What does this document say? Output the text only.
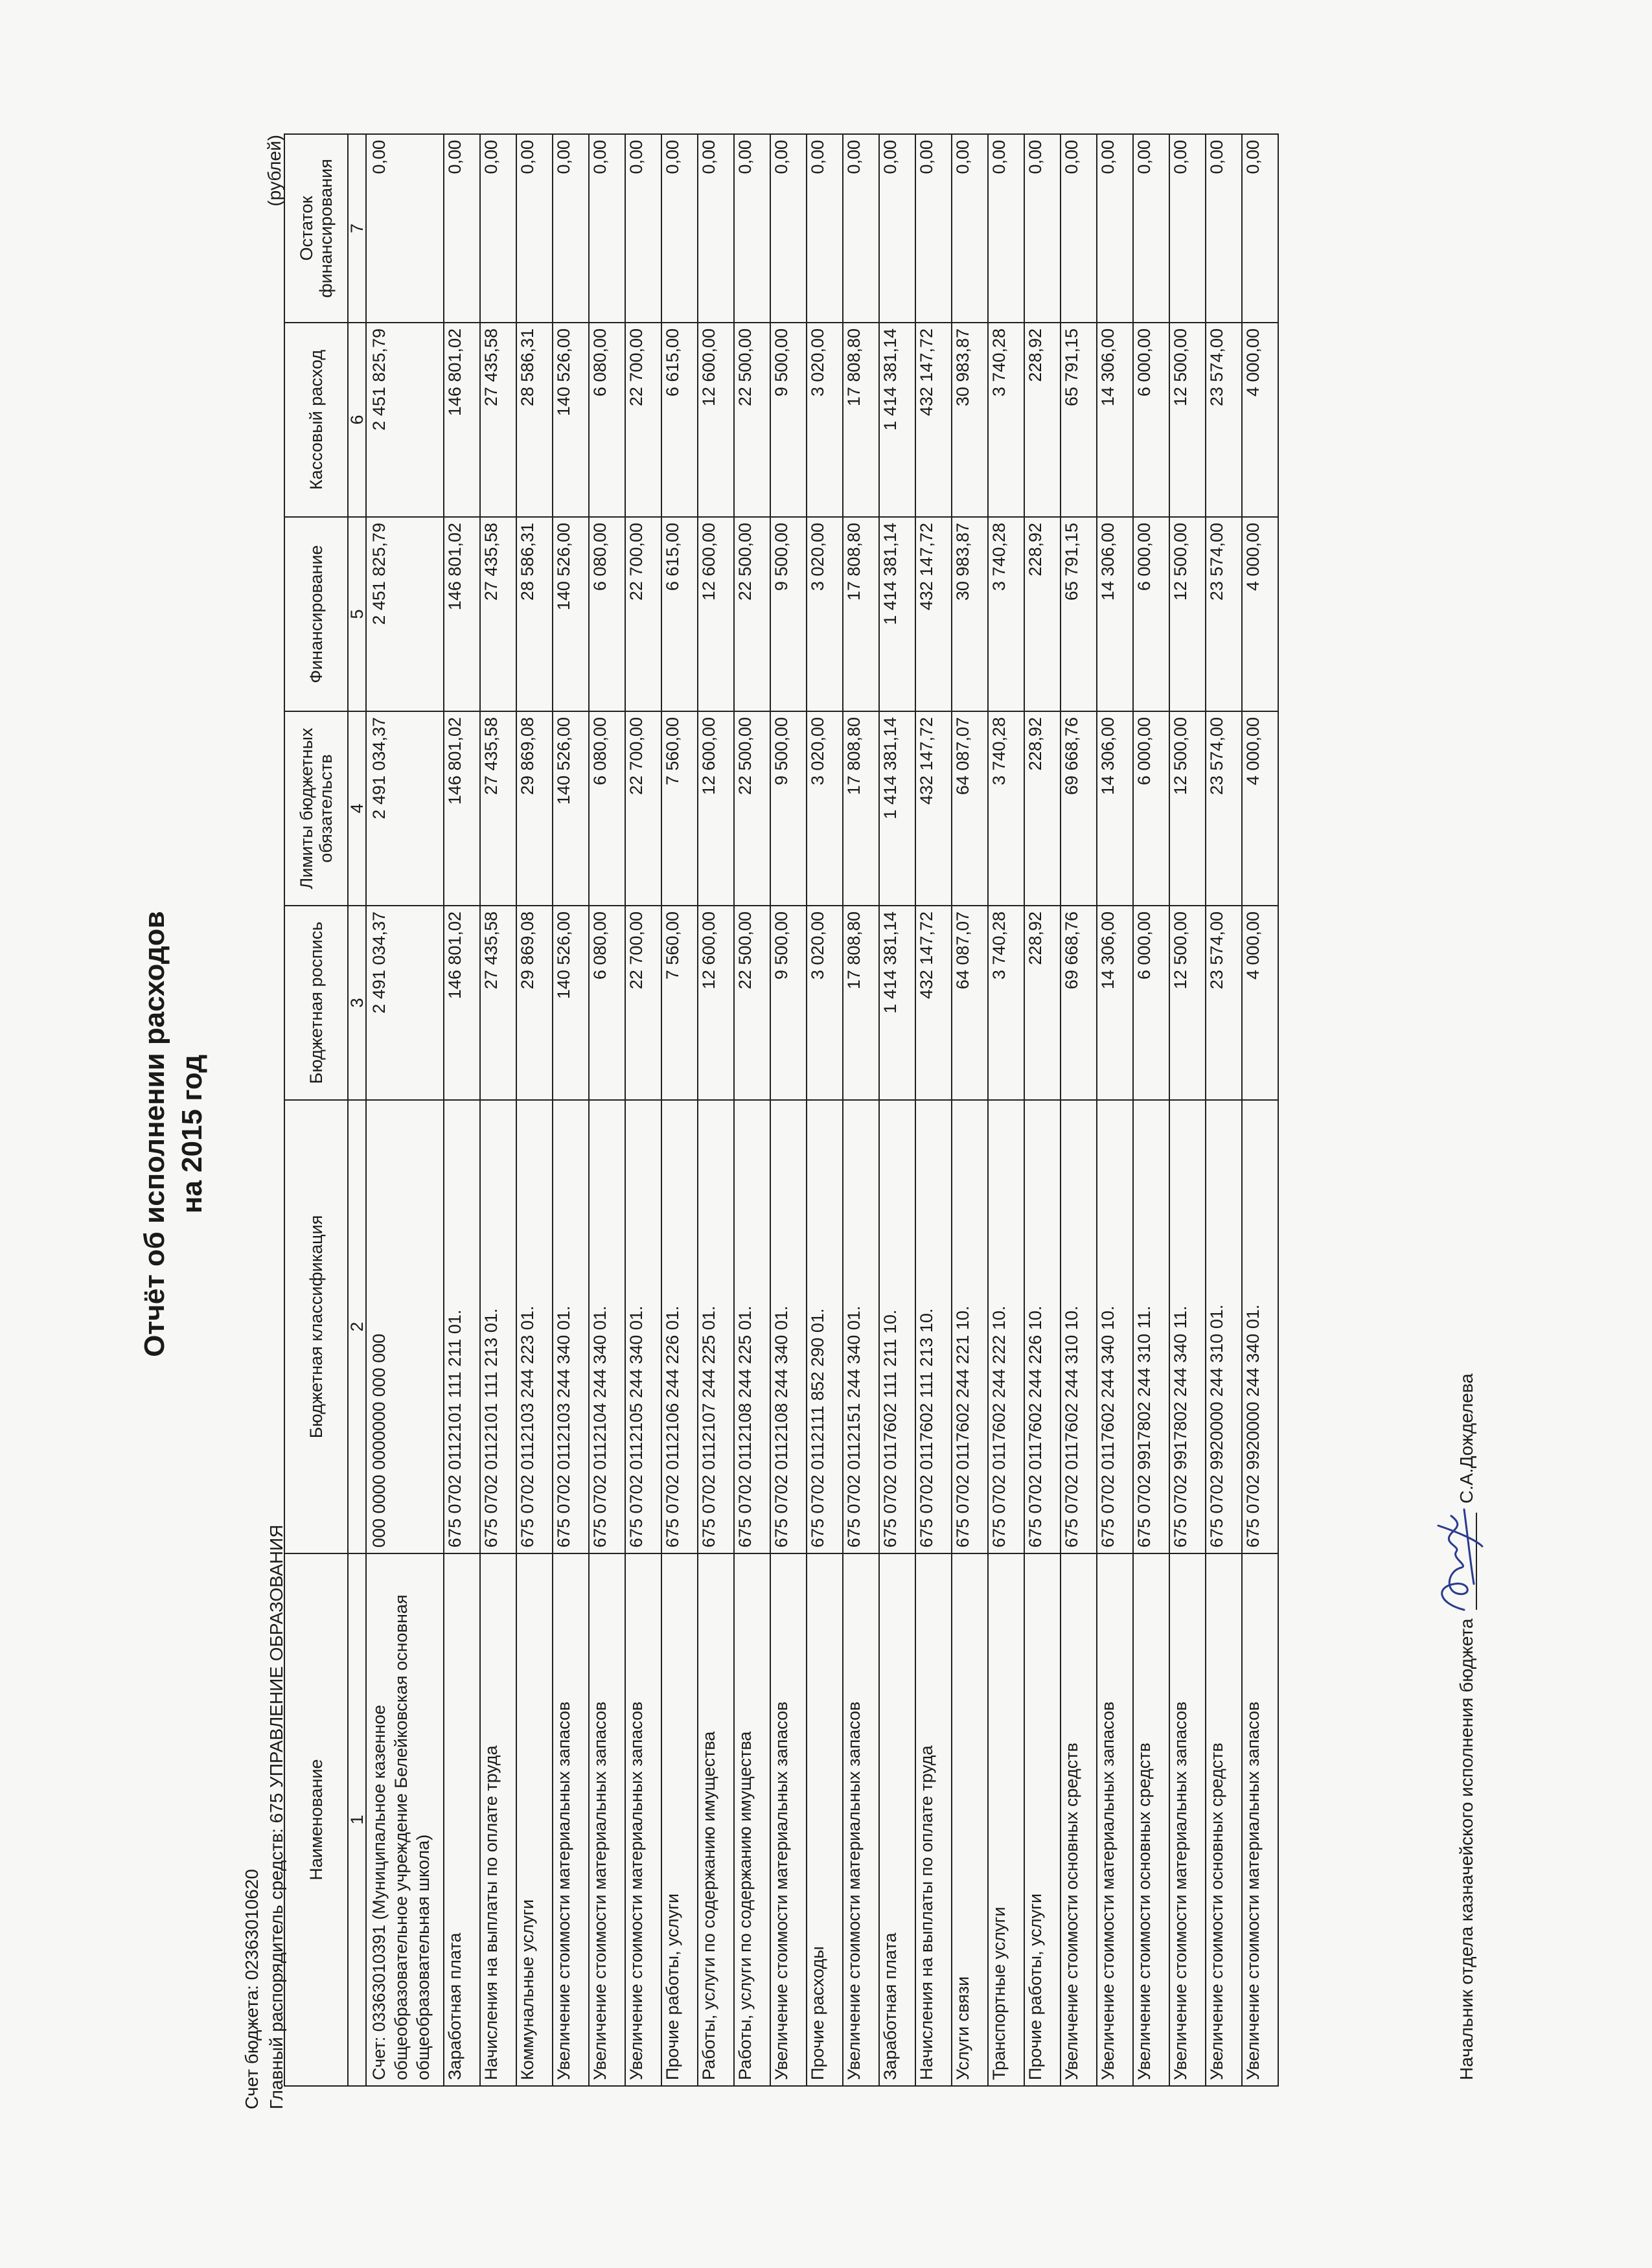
Отчёт об исполнении расходов на 2015 год
Счет бюджета: 02363010620 Главный распорядитель средств: 675 УПРАВЛЕНИЕ ОБРАЗОВАНИЯ
(рублей)
Наименование	Бюджетная классификация	Бюджетная роспись	Лимиты бюджетных обязательств	Финансирование	Кассовый расход	Остаток финансирования
1	2	3	4	5	6	7
Счет: 03363010391 (Муниципальное казенное общеобразовательное учреждение Белейковская основная общеобразовательная школа)	000 0000 0000000 000 000	2 491 034,37	2 491 034,37	2 451 825,79	2 451 825,79	0,00
Заработная плата	675 0702 0112101 111 211 01.	146 801,02	146 801,02	146 801,02	146 801,02	0,00
Начисления на выплаты по оплате труда	675 0702 0112101 111 213 01.	27 435,58	27 435,58	27 435,58	27 435,58	0,00
Коммунальные услуги	675 0702 0112103 244 223 01.	29 869,08	29 869,08	28 586,31	28 586,31	0,00
Увеличение стоимости материальных запасов	675 0702 0112103 244 340 01.	140 526,00	140 526,00	140 526,00	140 526,00	0,00
Увеличение стоимости материальных запасов	675 0702 0112104 244 340 01.	6 080,00	6 080,00	6 080,00	6 080,00	0,00
Увеличение стоимости материальных запасов	675 0702 0112105 244 340 01.	22 700,00	22 700,00	22 700,00	22 700,00	0,00
Прочие работы, услуги	675 0702 0112106 244 226 01.	7 560,00	7 560,00	6 615,00	6 615,00	0,00
Работы, услуги по содержанию имущества	675 0702 0112107 244 225 01.	12 600,00	12 600,00	12 600,00	12 600,00	0,00
Работы, услуги по содержанию имущества	675 0702 0112108 244 225 01.	22 500,00	22 500,00	22 500,00	22 500,00	0,00
Увеличение стоимости материальных запасов	675 0702 0112108 244 340 01.	9 500,00	9 500,00	9 500,00	9 500,00	0,00
Прочие расходы	675 0702 0112111 852 290 01.	3 020,00	3 020,00	3 020,00	3 020,00	0,00
Увеличение стоимости материальных запасов	675 0702 0112151 244 340 01.	17 808,80	17 808,80	17 808,80	17 808,80	0,00
Заработная плата	675 0702 0117602 111 211 10.	1 414 381,14	1 414 381,14	1 414 381,14	1 414 381,14	0,00
Начисления на выплаты по оплате труда	675 0702 0117602 111 213 10.	432 147,72	432 147,72	432 147,72	432 147,72	0,00
Услуги связи	675 0702 0117602 244 221 10.	64 087,07	64 087,07	30 983,87	30 983,87	0,00
Транспортные услуги	675 0702 0117602 244 222 10.	3 740,28	3 740,28	3 740,28	3 740,28	0,00
Прочие работы, услуги	675 0702 0117602 244 226 10.	228,92	228,92	228,92	228,92	0,00
Увеличение стоимости основных средств	675 0702 0117602 244 310 10.	69 668,76	69 668,76	65 791,15	65 791,15	0,00
Увеличение стоимости материальных запасов	675 0702 0117602 244 340 10.	14 306,00	14 306,00	14 306,00	14 306,00	0,00
Увеличение стоимости основных средств	675 0702 9917802 244 310 11.	6 000,00	6 000,00	6 000,00	6 000,00	0,00
Увеличение стоимости материальных запасов	675 0702 9917802 244 340 11.	12 500,00	12 500,00	12 500,00	12 500,00	0,00
Увеличение стоимости основных средств	675 0702 9920000 244 310 01.	23 574,00	23 574,00	23 574,00	23 574,00	0,00
Увеличение стоимости материальных запасов	675 0702 9920000 244 340 01.	4 000,00	4 000,00	4 000,00	4 000,00	0,00
Начальник отдела казначейского исполнения бюджета
С.А.Дожделева
